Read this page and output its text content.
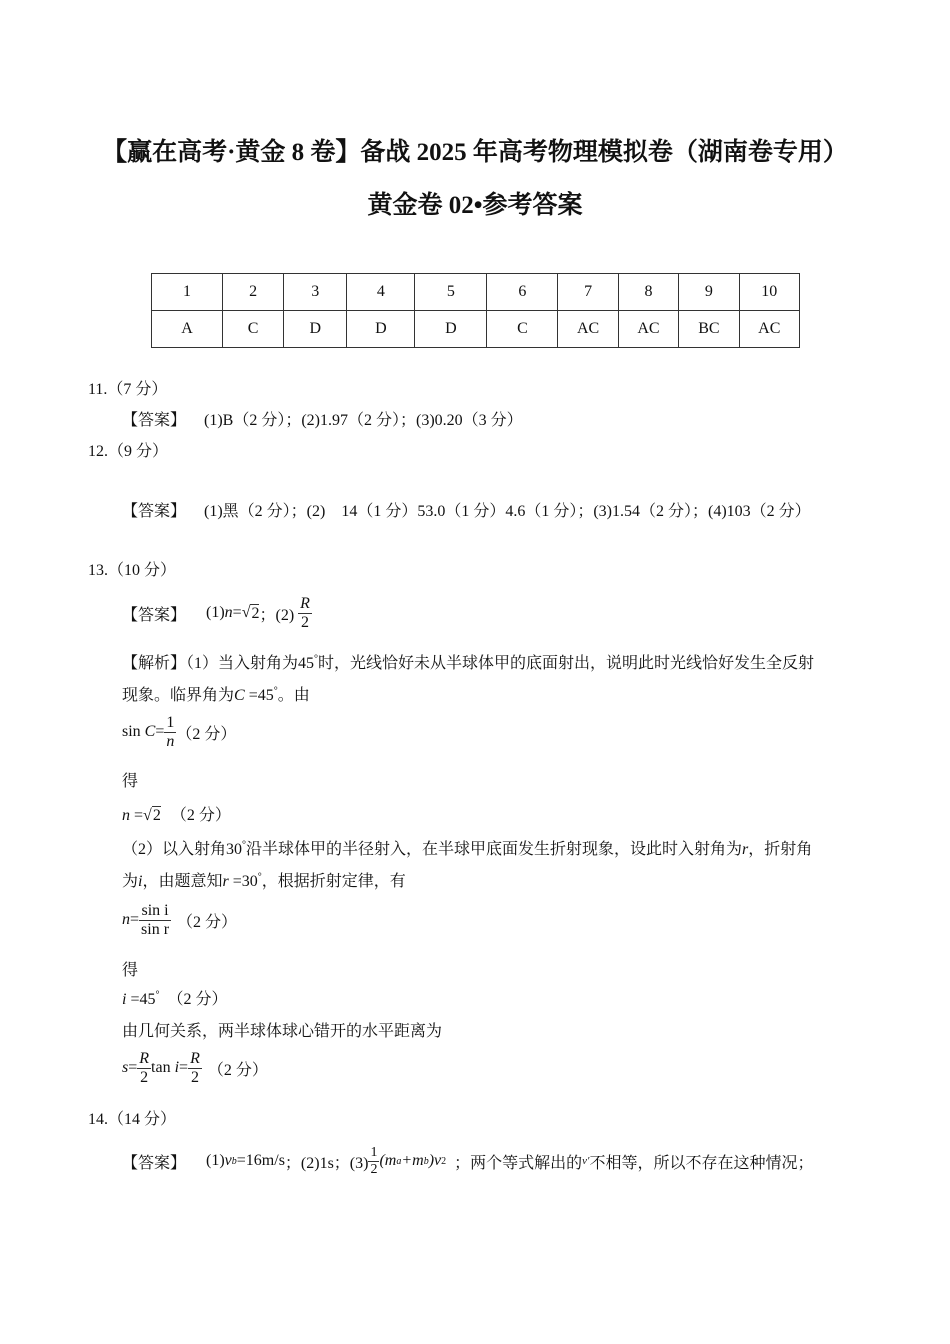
【赢在高考·黄金 8 卷】备战 2025 年高考物理模拟卷（湖南卷专用）
黄金卷 02•参考答案
1	2	3	4	5	6	7	8	9	10
A	C	D	D	D	C	AC	AC	BC	AC
11.（7 分）
【答案】 (1)B（2 分）；(2)1.97（2 分）；(3)0.20（3 分）
12.（9 分）
【答案】 (1)黑（2 分）；(2)　14（1 分）53.0（1 分）4.6（1 分）；(3)1.54（2 分）；(4)103（2 分）
13.（10 分）
【答案】 (1) n = √ 2 ；$(2) \frac{R}{2}$
【解析】（1）当入射角为45°时，光线恰好未从半球体甲的底面射出，说明此时光线恰好发生全反射
现象。临界角为C =45°。由
sin
$C = \frac{1}{n} (2$ 分）
得
n =√2 （2 分）
（2）以入射角30°沿半球体甲的半径射入，在半球甲底面发生折射现象，设此时入射角为r，折射角
为i，由题意知r =30°，根据折射定律，有
$n = \frac{\text{sin i}}{\text{sin r}} (2$ 分）
得
i =45° （2 分）
由几何关系，两半球体球心错开的水平距离为
$s = \frac{R}{2}$ tan
$i = \frac{R}{2} (2$ 分）
14.（14 分）
【答案】 (1) v b =16m/s ；(2)1s；$(3) \frac{1}{2} (m$ a +m b )v 2 ；两个等式解出的 v′ 不相等，所以不存在这种情况；
